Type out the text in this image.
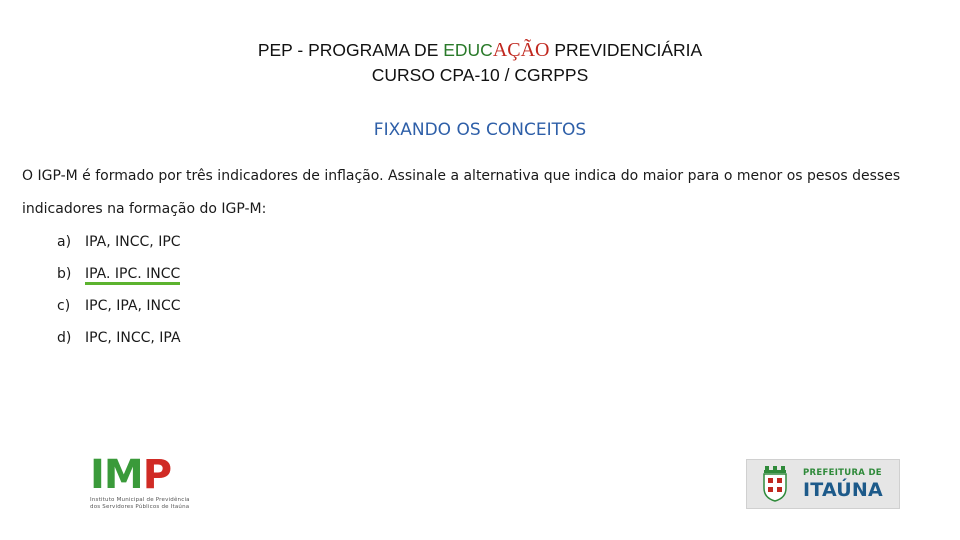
PEP - PROGRAMA DE EDUCAÇÃO PREVIDENCIÁRIA
CURSO CPA-10 / CGRPPS
FIXANDO OS CONCEITOS
O IGP-M é formado por três indicadores de inflação. Assinale a alternativa que indica do maior para o menor os pesos desses indicadores na formação do IGP-M:
a) IPA, INCC, IPC
b) IPA. IPC. INCC
c) IPC, IPA, INCC
d) IPC, INCC, IPA
IMP
Instituto Municipal de Previdência
dos Servidores Públicos de Itaúna
PREFEITURA DE
ITAÚNA
